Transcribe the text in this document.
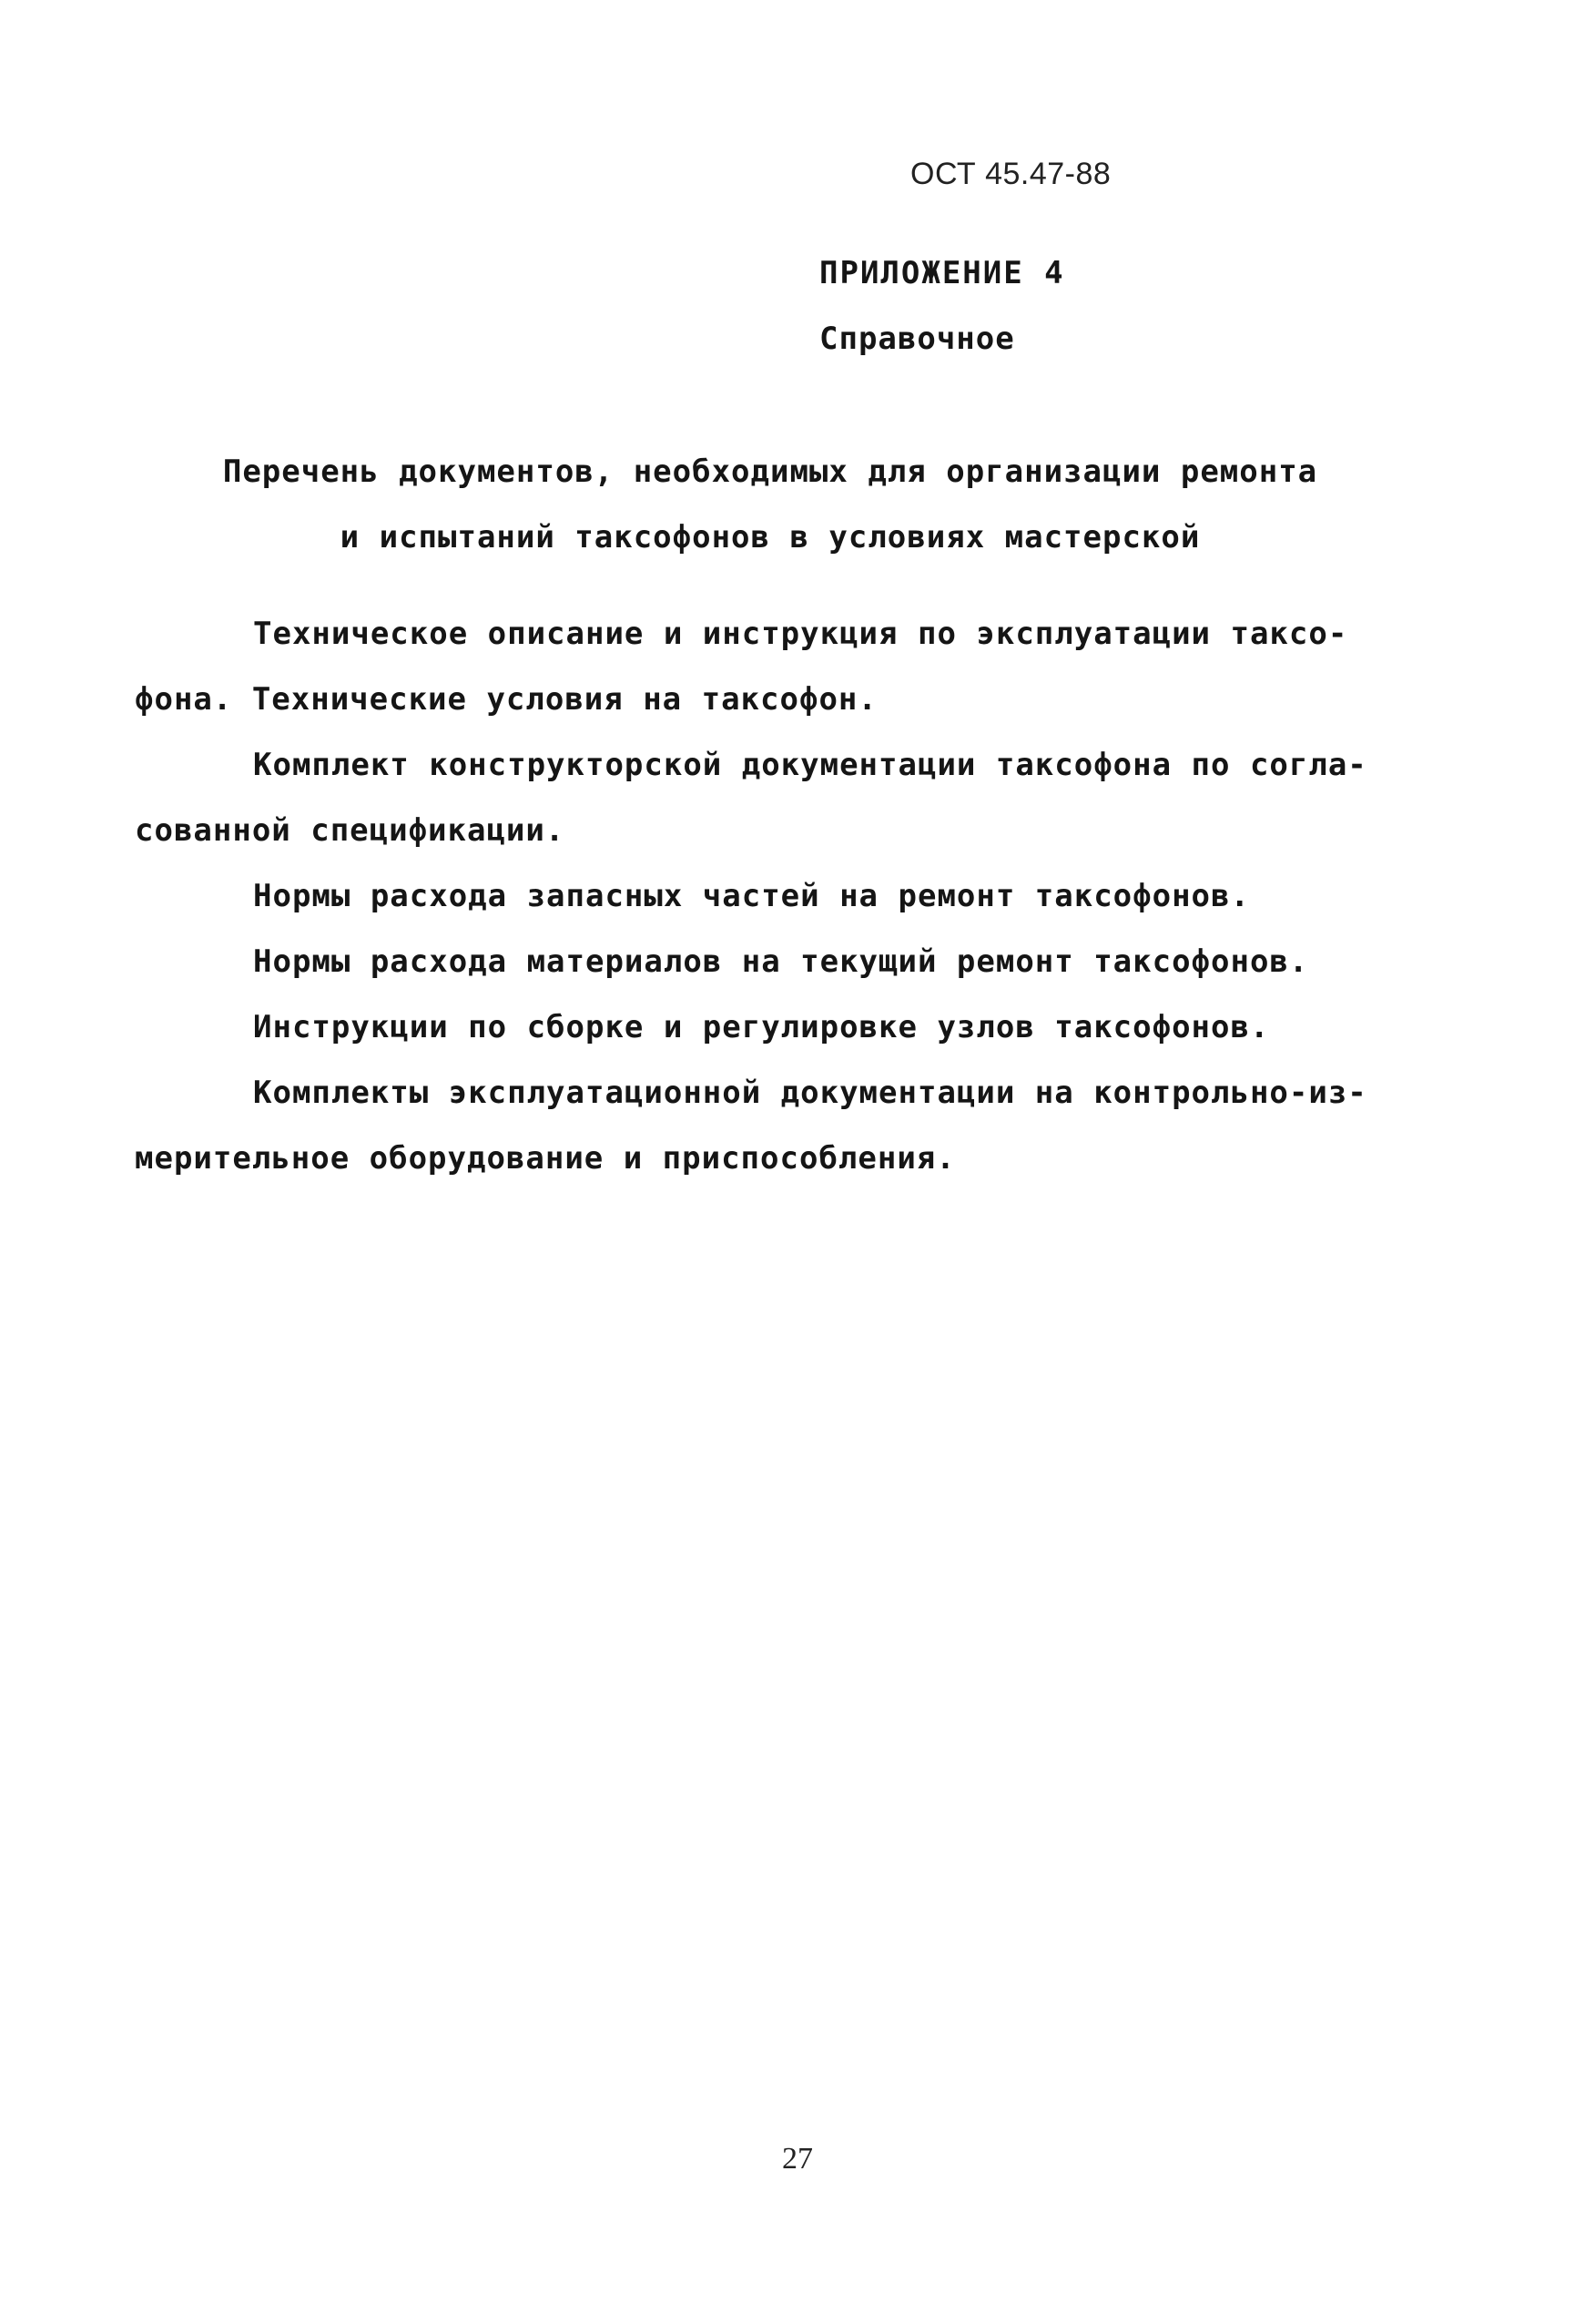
ОСТ 45.47-88
ПРИЛОЖЕНИЕ 4
Справочное
Перечень документов, необходимых для организации ремонта
и испытаний таксофонов в условиях мастерской
Техническое описание и инструкция по эксплуатации таксо-
фона. Технические условия на таксофон.
Комплект конструкторской документации таксофона по согла-
сованной спецификации.
Нормы расхода запасных частей на ремонт таксофонов.
Нормы расхода материалов на текущий ремонт таксофонов.
Инструкции по сборке и регулировке узлов таксофонов.
Комплекты эксплуатационной документации на контрольно-из-
мерительное оборудование и приспособления.
27
